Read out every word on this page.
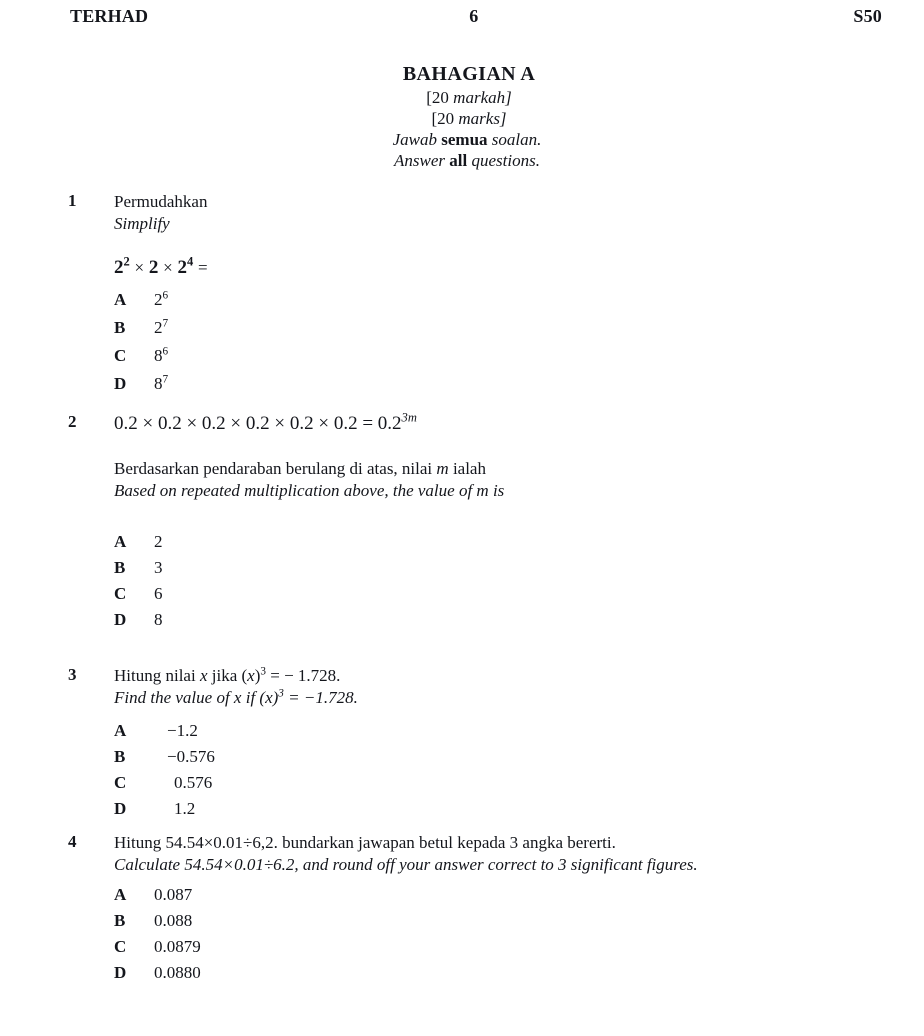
TERHAD	6	S50
BAHAGIAN A
[20 markah]
[20 marks]
Jawab semua soalan.
Answer all questions.
1	Permudahkan
Simplify
$2^2 \times 2 \times 2^4$ =
A	$2^6$
B	$2^7$
C	$8^6$
D	$8^7$
2	$0.2 \times 0.2 \times 0.2 \times 0.2 \times 0.2 \times 0.2 = 0.2^{3m}$
Berdasarkan pendaraban berulang di atas, nilai m ialah
Based on repeated multiplication above, the value of m is
A	2
B	3
C	6
D	8
3	Hitung nilai x jika $(x)^3$ = − 1.728.
Find the value of x if $(x)^3 = -1.728$.
A	−1.2
B	−0.576
C	0.576
D	1.2
4	Hitung 54.54×0.01÷6,2. bundarkan jawapan betul kepada 3 angka bererti.
Calculate 54.54×0.01÷6.2, and round off your answer correct to 3 significant figures.
A	0.087
B	0.088
C	0.0879
D	0.0880
